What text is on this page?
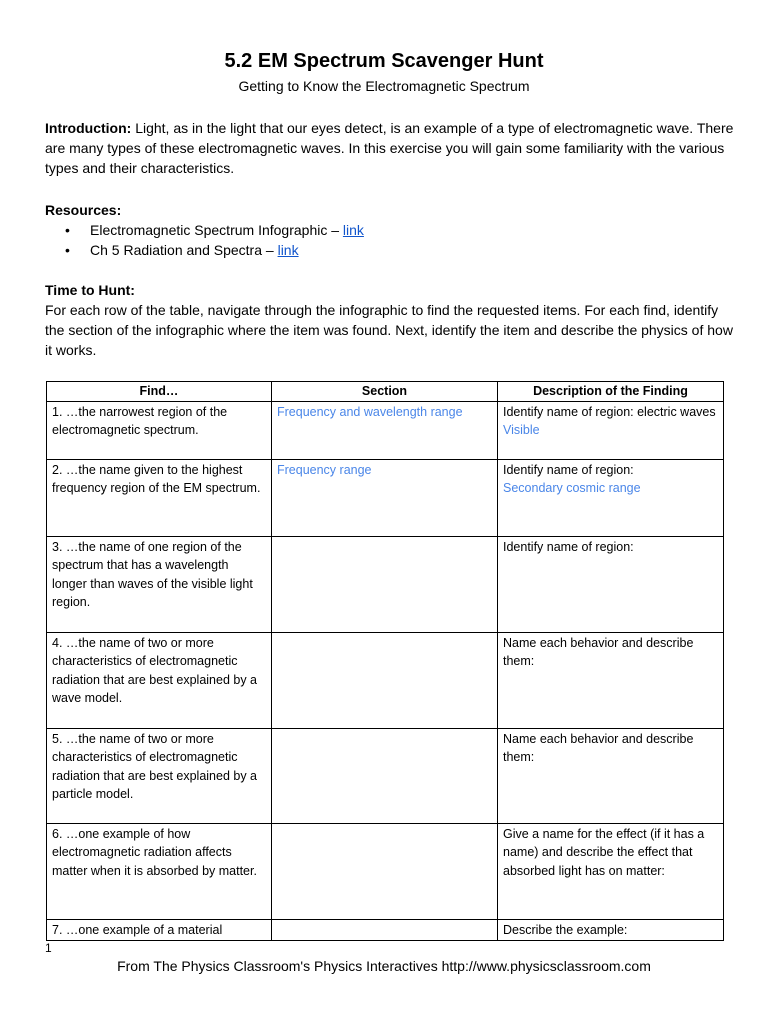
5.2 EM Spectrum Scavenger Hunt
Getting to Know the Electromagnetic Spectrum
Introduction: Light, as in the light that our eyes detect, is an example of a type of electromagnetic wave. There are many types of these electromagnetic waves. In this exercise you will gain some familiarity with the various types and their characteristics.
Resources:
• Electromagnetic Spectrum Infographic – link
• Ch 5 Radiation and Spectra – link
Time to Hunt:
For each row of the table, navigate through the infographic to find the requested items. For each find, identify the section of the infographic where the item was found. Next, identify the item and describe the physics of how it works.
Find…	Section	Description of the Finding
1. …the narrowest region of the electromagnetic spectrum.	Frequency and wavelength range	Identify name of region: electric waves
Visible
2. …the name given to the highest frequency region of the EM spectrum.	Frequency range	Identify name of region:
Secondary cosmic range
3. …the name of one region of the spectrum that has a wavelength longer than waves of the visible light region.		Identify name of region:
4. …the name of two or more characteristics of electromagnetic radiation that are best explained by a wave model.		Name each behavior and describe them:
5. …the name of two or more characteristics of electromagnetic radiation that are best explained by a particle model.		Name each behavior and describe them:
6. …one example of how electromagnetic radiation affects matter when it is absorbed by matter.		Give a name for the effect (if it has a name) and describe the effect that absorbed light has on matter:
7. …one example of a material		Describe the example:
1
From The Physics Classroom's Physics Interactives http://www.physicsclassroom.com
